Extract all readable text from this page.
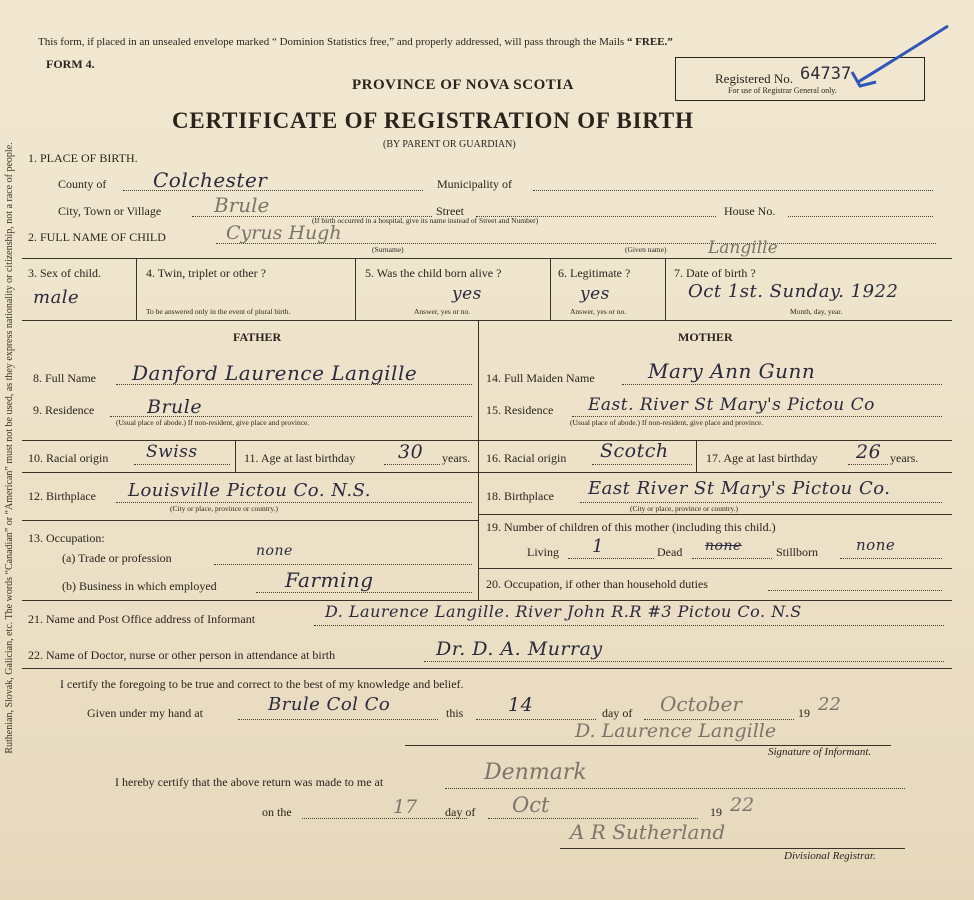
Ruthenian, Slovak, Galician, etc. The words “Canadian” or “American” must not be used, as they express nationality or citizenship, not a race of people.
This form, if placed in an unsealed envelope marked “ Dominion Statistics free,” and properly addressed, will pass through the Mails “ FREE.”
FORM 4.
PROVINCE OF NOVA SCOTIA
CERTIFICATE OF REGISTRATION OF BIRTH
(BY PARENT OR GUARDIAN)
Registered No. 64737
For use of Registrar General only.
1. PLACE OF BIRTH.
County of Colchester	Municipality of
City, Town or Village	Brule	Street	House No.
(If birth occurred in a hospital, give its name instead of Street and Number)
2. FULL NAME OF CHILD	Cyrus Hugh
(Surname)	(Given name) Langille
3. Sex of child.
male
4. Twin, triplet or other ?
To be answered only in the event of plural birth.
5. Was the child born alive ?
yes
Answer, yes or no.
6. Legitimate ?
yes
Answer, yes or no.
7. Date of birth ?
Oct 1st. Sunday. 1922
Month, day, year.
FATHER	MOTHER
8. Full Name Danford Laurence Langille
9. Residence	Brule
(Usual place of abode.) If non-resident, give place and province.
10. Racial origin Swiss	11. Age at last birthday 30 years.
12. Birthplace Louisville Pictou Co. N.S.
(City or place, province or country.)
13. Occupation:
(a) Trade or profession	none
(b) Business in which employed	Farming
14. Full Maiden Name	Mary Ann Gunn
15. Residence East. River St Mary's Pictou Co
(Usual place of abode.) If non-resident, give place and province.
16. Racial origin Scotch	17. Age at last birthday 26 years.
18. Birthplace East River St Mary's Pictou Co.
(City or place, province or country.)
19. Number of children of this mother (including this child.)
Living 1	Dead none	Stillborn	none
20. Occupation, if other than household duties
21. Name and Post Office address of Informant	D. Laurence Langille. River John R.R #3 Pictou Co. N.S
22. Name of Doctor, nurse or other person in attendance at birth	Dr. D. A. Murray
I certify the foregoing to be true and correct to the best of my knowledge and belief.
Given under my hand at	Brule Col Co	this 14	day of October	19 22
D. Laurence Langille
Signature of Informant.
I hereby certify that the above return was made to me at	Denmark
on the	17 day of Oct	19 22
A R Sutherland
Divisional Registrar.
